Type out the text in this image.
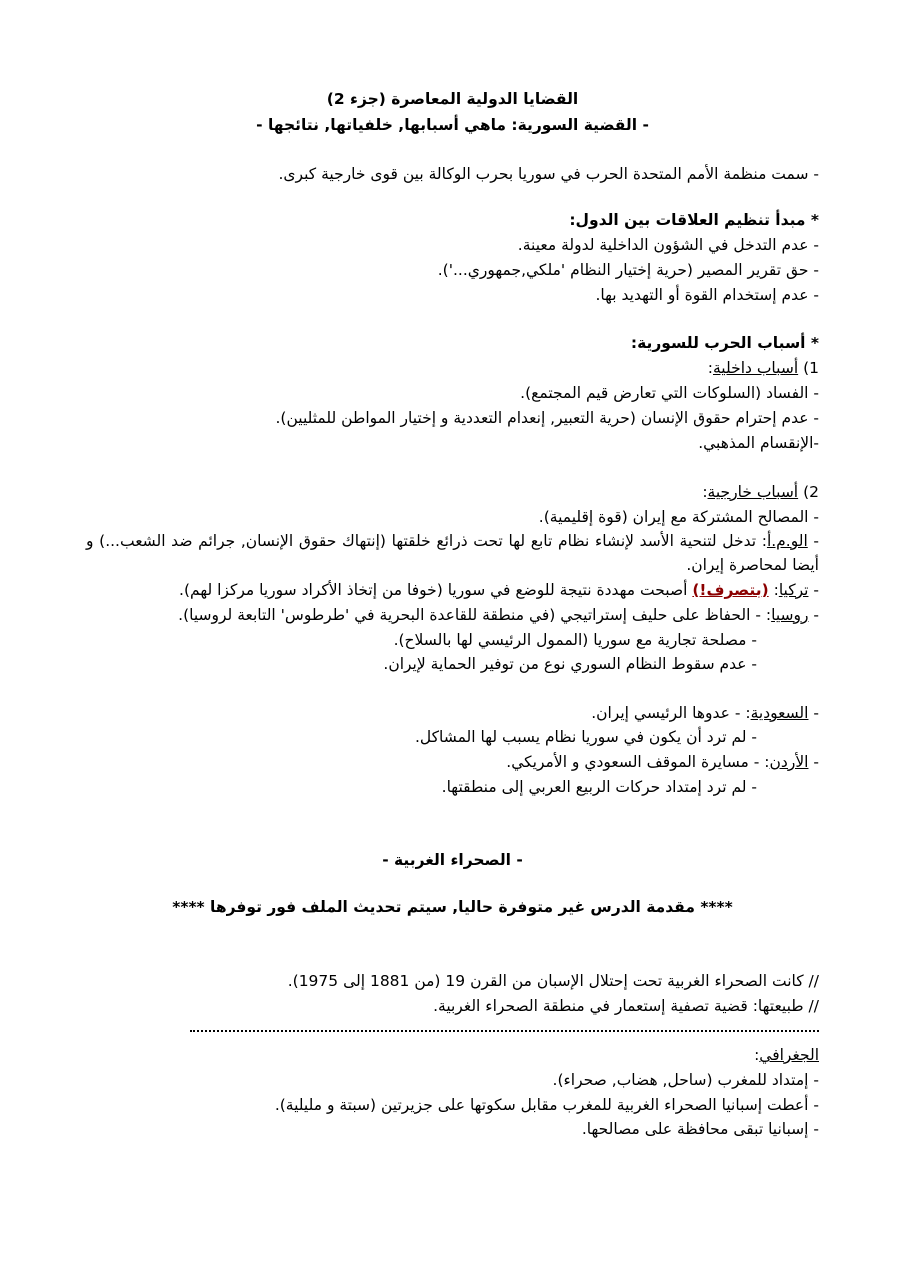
القضايا الدولية المعاصرة (جزء 2)
- القضية السورية: ماهي أسبابها, خلفياتها, نتائجها -
- سمت منظمة الأمم المتحدة الحرب في سوريا بحرب الوكالة بين قوى خارجية كبرى.
* مبدأ تنظيم العلاقات بين الدول:
- عدم التدخل في الشؤون الداخلية لدولة معينة.
- حق تقرير المصير (حرية إختيار النظام 'ملكي,جمهوري...').
- عدم إستخدام القوة أو التهديد بها.
* أسباب الحرب للسورية:
1) أسباب داخلية:
- الفساد (السلوكات التي تعارض قيم المجتمع).
- عدم إحترام حقوق الإنسان (حرية التعبير, إنعدام التعددية و إختيار المواطن للمثليين).
-الإنقسام المذهبي.
2) أسباب خارجية:
- المصالح المشتركة مع إيران (قوة إقليمية).
- الو.م.أ: تدخل لتنحية الأسد لإنشاء نظام تابع لها تحت ذرائع خلقتها (إنتهاك حقوق الإنسان, جرائم ضد الشعب...) و أيضا لمحاصرة إيران.
- تركيا: (بتصرف!) أصبحت مهددة نتيجة للوضع في سوريا (خوفا من إتخاذ الأكراد سوريا مركزا لهم).
- روسيا: - الحفاظ على حليف إستراتيجي (في منطقة للقاعدة البحرية في 'طرطوس' التابعة لروسيا).
- مصلحة تجارية مع سوريا (الممول الرئيسي لها بالسلاح).
- عدم سقوط النظام السوري نوع من توفير الحماية لإيران.
- السعودية: - عدوها الرئيسي إيران.
- لم ترد أن يكون في سوريا نظام يسبب لها المشاكل.
- الأردن: - مسايرة الموقف السعودي و الأمريكي.
- لم ترد إمتداد حركات الربيع العربي إلى منطقتها.
- الصحراء الغربية -
**** مقدمة الدرس غير متوفرة حاليا, سيتم تحديث الملف فور توفرها ****
// كانت الصحراء الغربية تحت إحتلال الإسبان من القرن 19 (من 1881 إلى 1975).
// طبيعتها: قضية تصفية إستعمار في منطقة الصحراء الغربية.
الجغرافي:
- إمتداد للمغرب (ساحل, هضاب, صحراء).
- أعطت إسبانيا الصحراء الغربية للمغرب مقابل سكوتها على جزيرتين (سبتة و مليلية).
- إسبانيا تبقى محافظة على مصالحها.
